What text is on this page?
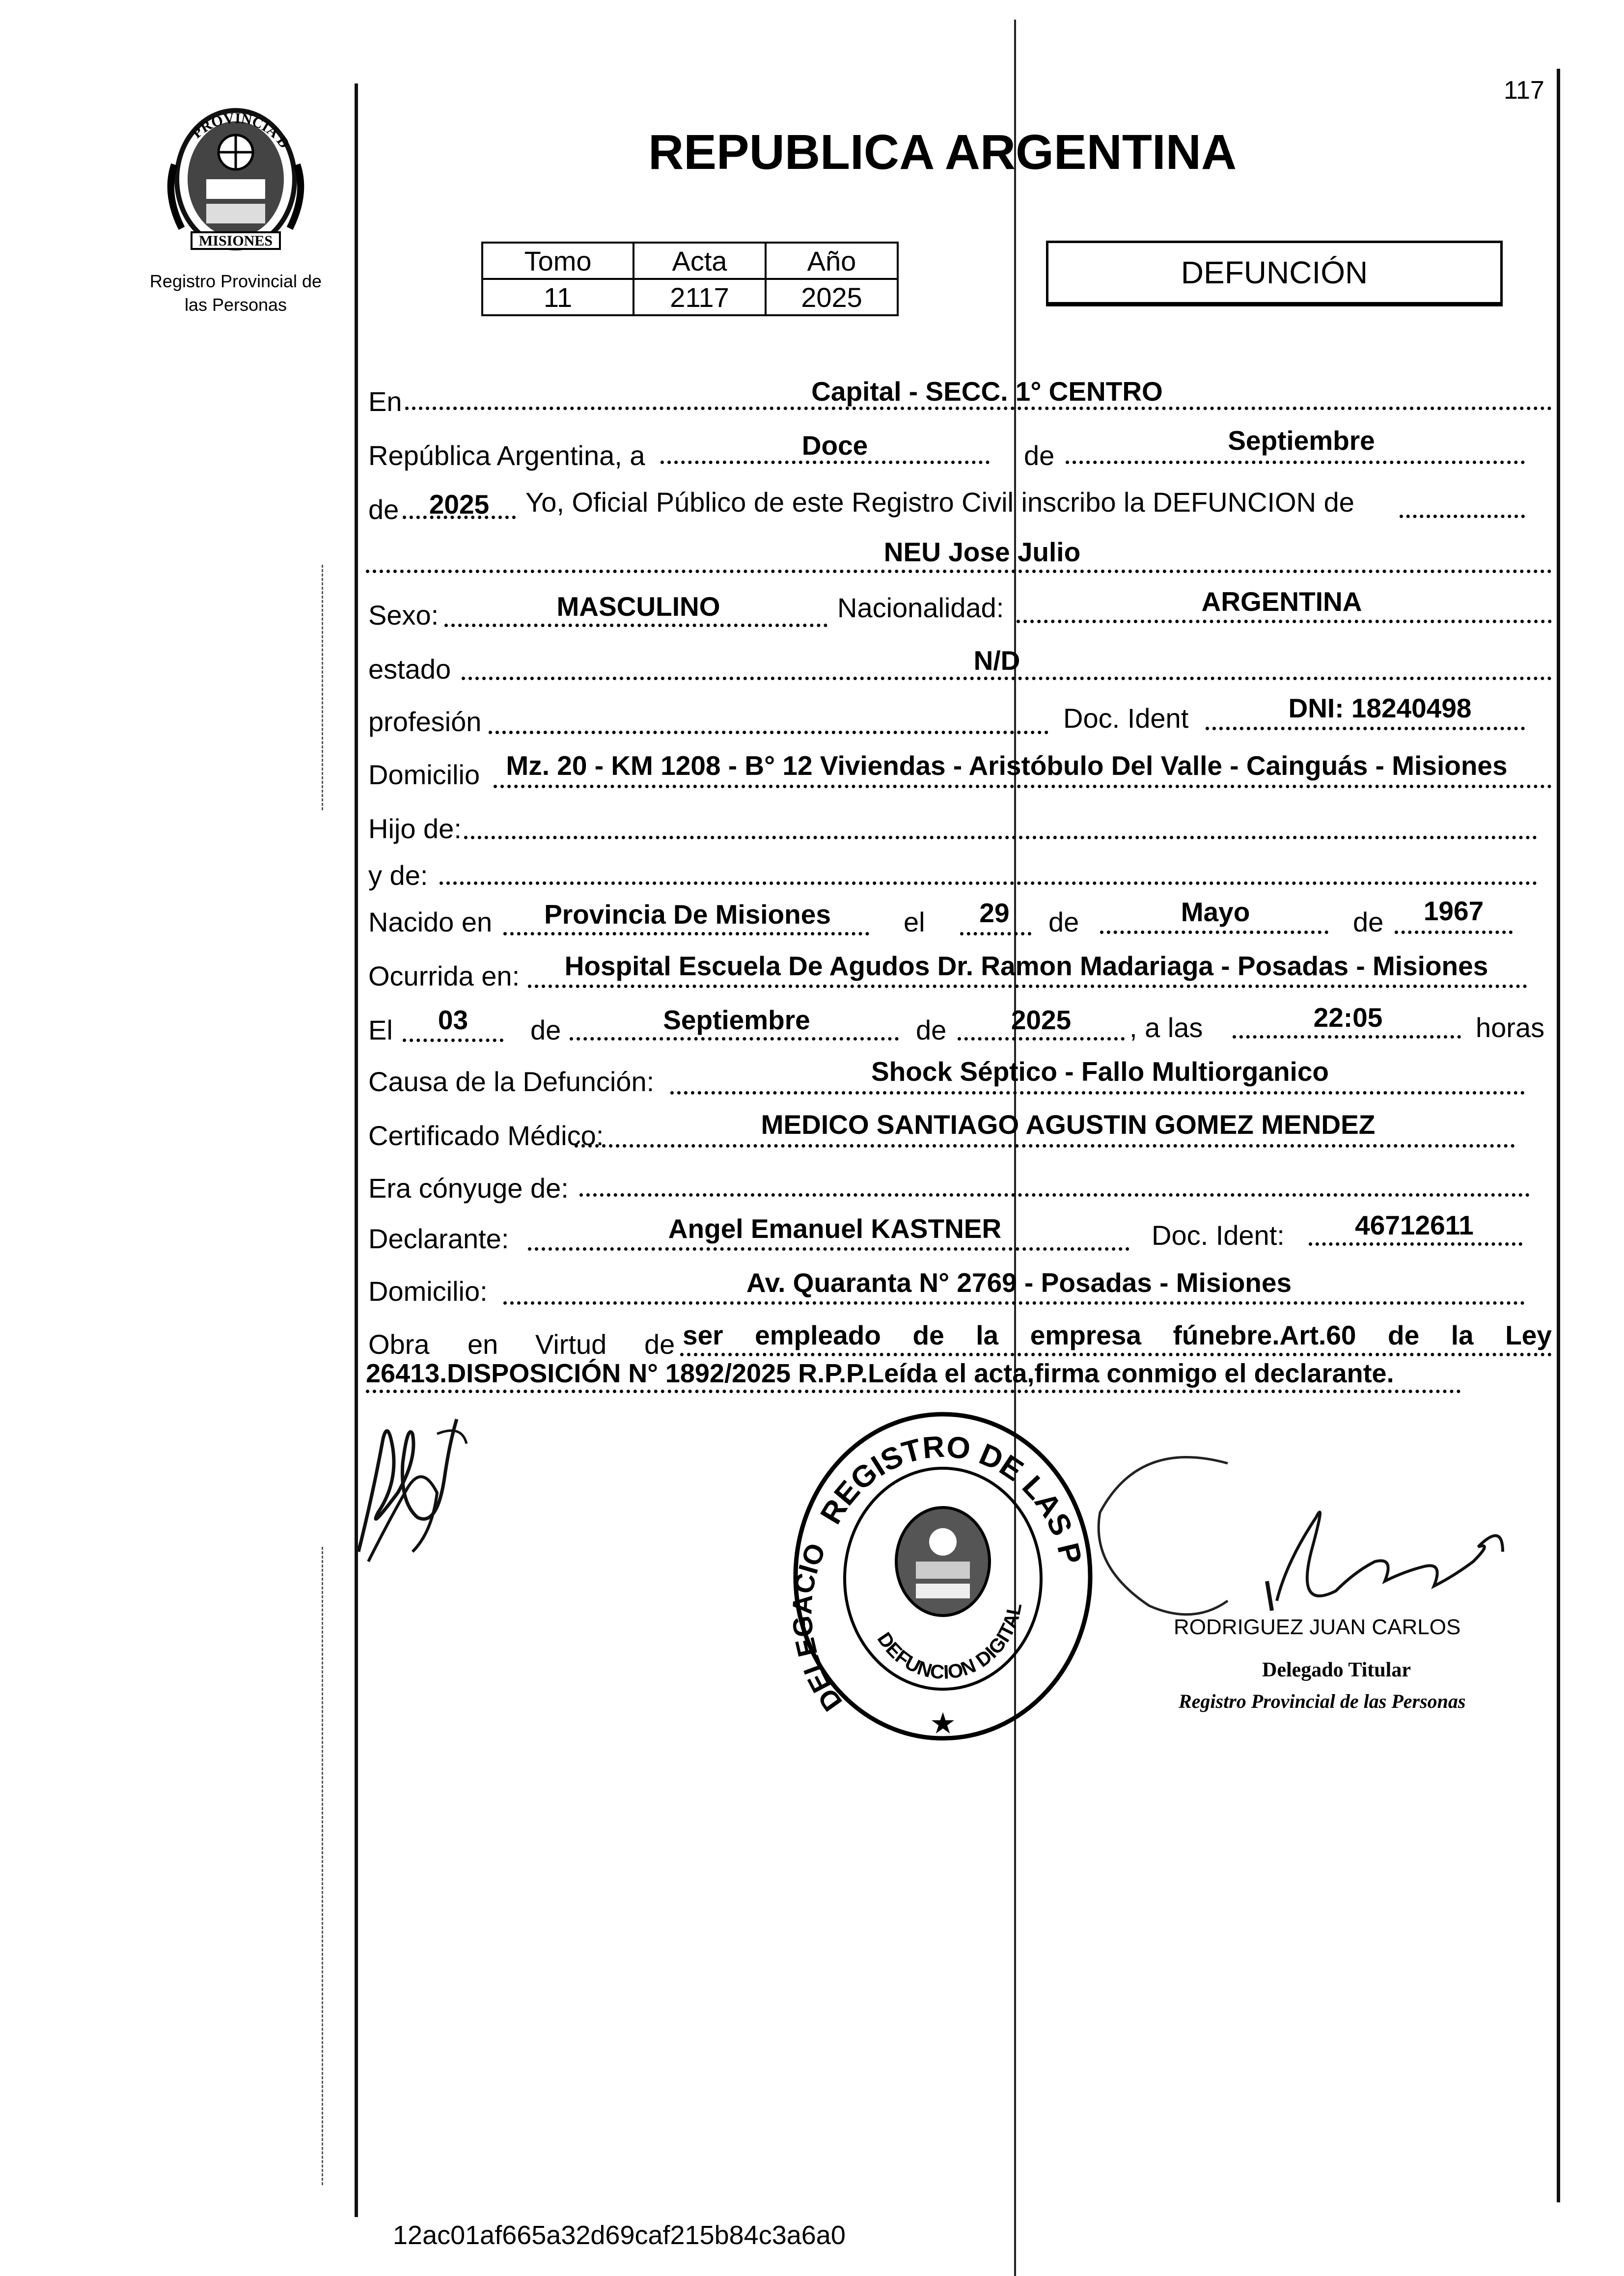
117
PROVINCIA D
MISIONES
Registro Provincial de
las Personas
REPUBLICA ARGENTINA
Tomo	Acta	Año
11	2117	2025
DEFUNCIÓN
En	Capital - SECC. 1° CENTRO
República Argentina, a	Doce	de	Septiembre
de	2025	Yo, Oficial Público de este Registro Civil inscribo la DEFUNCION de
NEU Jose Julio
Sexo:	MASCULINO	Nacionalidad:	ARGENTINA
estado	N/D
profesión	Doc. Ident	DNI: 18240498
Domicilio Mz. 20 - KM 1208 - B° 12 Viviendas - Aristóbulo Del Valle - Cainguás - Misiones
Hijo de:
y de:
Nacido en	Provincia De Misiones	el	29	de	Mayo	de	1967
Ocurrida en:	Hospital Escuela De Agudos Dr. Ramon Madariaga - Posadas - Misiones
El	03	de	Septiembre	de	2025	, a las	22:05	horas
Causa de la Defunción:	Shock Séptico - Fallo Multiorganico
Certificado Médico:	MEDICO SANTIAGO AGUSTIN GOMEZ MENDEZ
Era cónyuge de:
Declarante:	Angel Emanuel KASTNER	Doc. Ident:	46712611
Domicilio:	Av. Quaranta N° 2769 - Posadas - Misiones
Obra en Virtud de ser empleado de la empresa fúnebre.Art.60 de la Ley
26413.DISPOSICIÓN N° 1892/2025 R.P.P.Leída el acta,firma conmigo el declarante.
REGISTRO DE LAS P
DELEGACIO
DEFUNCION DIGITAL
★
RODRIGUEZ JUAN CARLOS
Delegado Titular
Registro Provincial de las Personas
12ac01af665a32d69caf215b84c3a6a0
